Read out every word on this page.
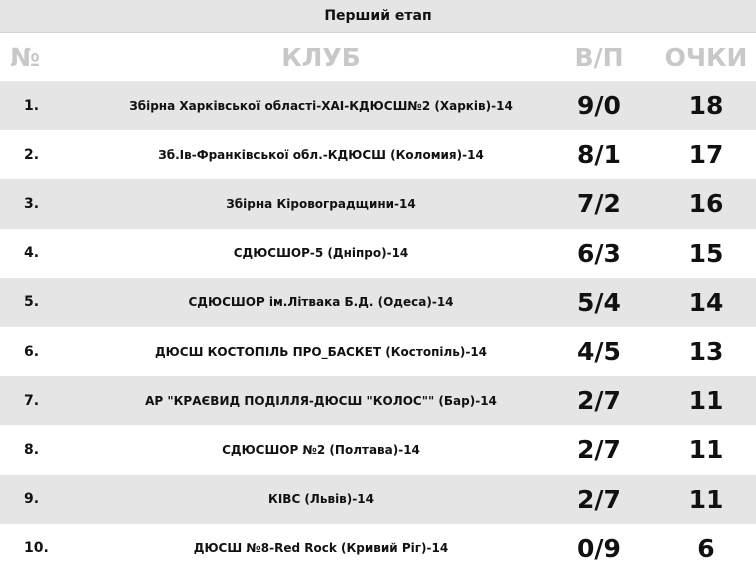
Перший етап
№	КЛУБ	В/П	ОЧКИ
1.	Збірна Харківської області-ХАІ-КДЮСШ№2 (Харків)-14	9/0	18
2.	Зб.Ів-Франківської обл.-КДЮСШ (Коломия)-14	8/1	17
3.	Збірна Кіровоградщини-14	7/2	16
4.	СДЮСШОР-5 (Дніпро)-14	6/3	15
5.	СДЮСШОР ім.Літвака Б.Д. (Одеса)-14	5/4	14
6.	ДЮСШ КОСТОПІЛЬ ПРО_БАСКЕТ (Костопіль)-14	4/5	13
7.	АР "КРАЄВИД ПОДІЛЛЯ-ДЮСШ "КОЛОС"" (Бар)-14	2/7	11
8.	СДЮСШОР №2 (Полтава)-14	2/7	11
9.	КІВС (Львів)-14	2/7	11
10.	ДЮСШ №8-Red Rock (Кривий Ріг)-14	0/9	6
